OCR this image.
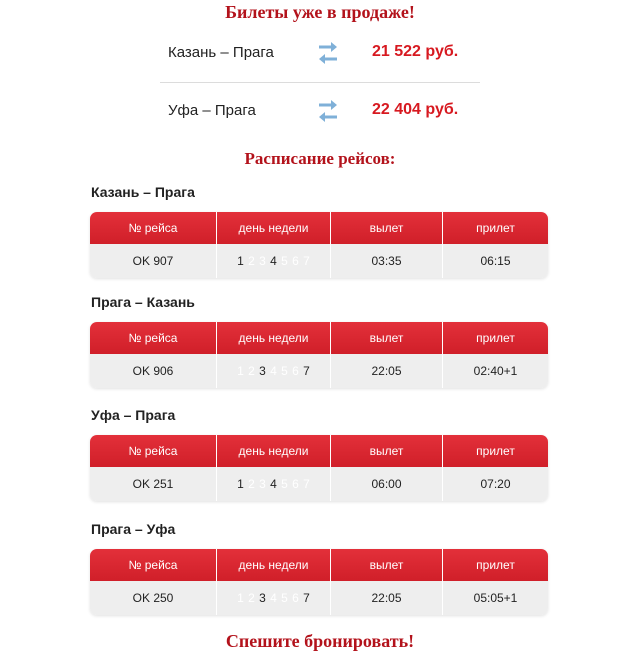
Билеты уже в продаже!
Казань – Прага	21 522 руб.
Уфа – Прага	22 404 руб.
Расписание рейсов:
Казань – Прага
№ рейса	день недели	вылет	прилет
OK 907	1 2 3 4 5 6 7	03:35	06:15
Прага – Казань
№ рейса	день недели	вылет	прилет
OK 906	1 2 3 4 5 6 7	22:05	02:40+1
Уфа – Прага
№ рейса	день недели	вылет	прилет
OK 251	1 2 3 4 5 6 7	06:00	07:20
Прага – Уфа
№ рейса	день недели	вылет	прилет
OK 250	1 2 3 4 5 6 7	22:05	05:05+1
Спешите бронировать!
